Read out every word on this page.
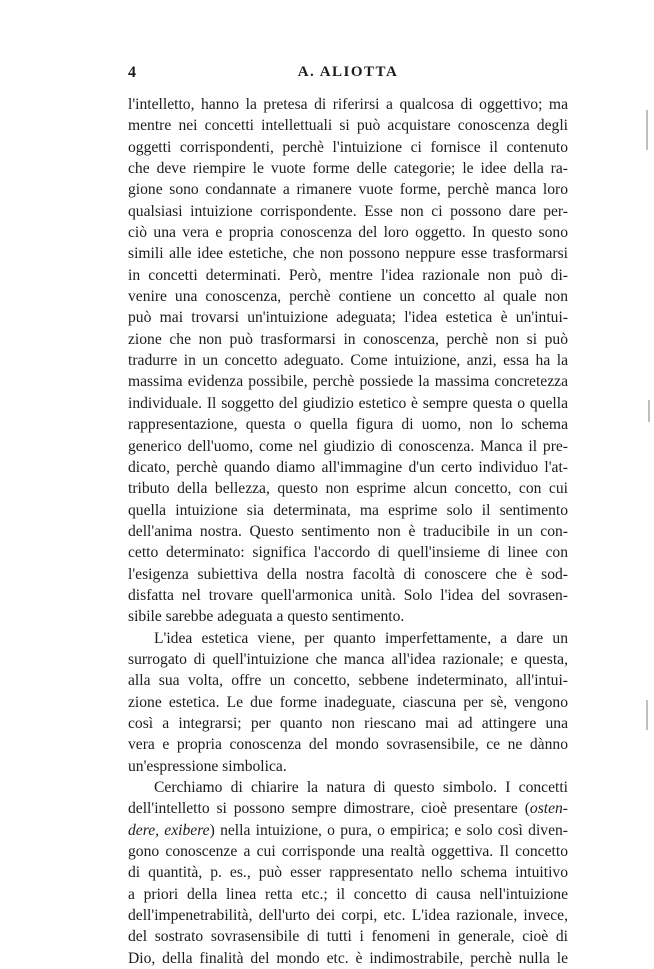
4	A. ALIOTTA
l'intelletto, hanno la pretesa di riferirsi a qualcosa di oggettivo; ma
mentre nei concetti intellettuali si può acquistare conoscenza degli
oggetti corrispondenti, perchè l'intuizione ci fornisce il contenuto
che deve riempire le vuote forme delle categorie; le idee della ra-
gione sono condannate a rimanere vuote forme, perchè manca loro
qualsiasi intuizione corrispondente. Esse non ci possono dare per-
ciò una vera e propria conoscenza del loro oggetto. In questo sono
simili alle idee estetiche, che non possono neppure esse trasformarsi
in concetti determinati. Però, mentre l'idea razionale non può di-
venire una conoscenza, perchè contiene un concetto al quale non
può mai trovarsi un'intuizione adeguata; l'idea estetica è un'intui-
zione che non può trasformarsi in conoscenza, perchè non si può
tradurre in un concetto adeguato. Come intuizione, anzi, essa ha la
massima evidenza possibile, perchè possiede la massima concretezza
individuale. Il soggetto del giudizio estetico è sempre questa o quella
rappresentazione, questa o quella figura di uomo, non lo schema
generico dell'uomo, come nel giudizio di conoscenza. Manca il pre-
dicato, perchè quando diamo all'immagine d'un certo individuo l'at-
tributo della bellezza, questo non esprime alcun concetto, con cui
quella intuizione sia determinata, ma esprime solo il sentimento
dell'anima nostra. Questo sentimento non è traducibile in un con-
cetto determinato: significa l'accordo di quell'insieme di linee con
l'esigenza subiettiva della nostra facoltà di conoscere che è sod-
disfatta nel trovare quell'armonica unità. Solo l'idea del sovrasen-
sibile sarebbe adeguata a questo sentimento.
L'idea estetica viene, per quanto imperfettamente, a dare un
surrogato di quell'intuizione che manca all'idea razionale; e questa,
alla sua volta, offre un concetto, sebbene indeterminato, all'intui-
zione estetica. Le due forme inadeguate, ciascuna per sè, vengono
così a integrarsi; per quanto non riescano mai ad attingere una
vera e propria conoscenza del mondo sovrasensibile, ce ne dànno
un'espressione simbolica.
Cerchiamo di chiarire la natura di questo simbolo. I concetti
dell'intelletto si possono sempre dimostrare, cioè presentare (osten-
dere, exibere) nella intuizione, o pura, o empirica; e solo così diven-
gono conoscenze a cui corrisponde una realtà oggettiva. Il concetto
di quantità, p. es., può esser rappresentato nello schema intuitivo
a priori della linea retta etc.; il concetto di causa nell'intuizione
dell'impenetrabilità, dell'urto dei corpi, etc. L'idea razionale, invece,
del sostrato sovrasensibile di tutti i fenomeni in generale, cioè di
Dio, della finalità del mondo etc. è indimostrabile, perchè nulla le
